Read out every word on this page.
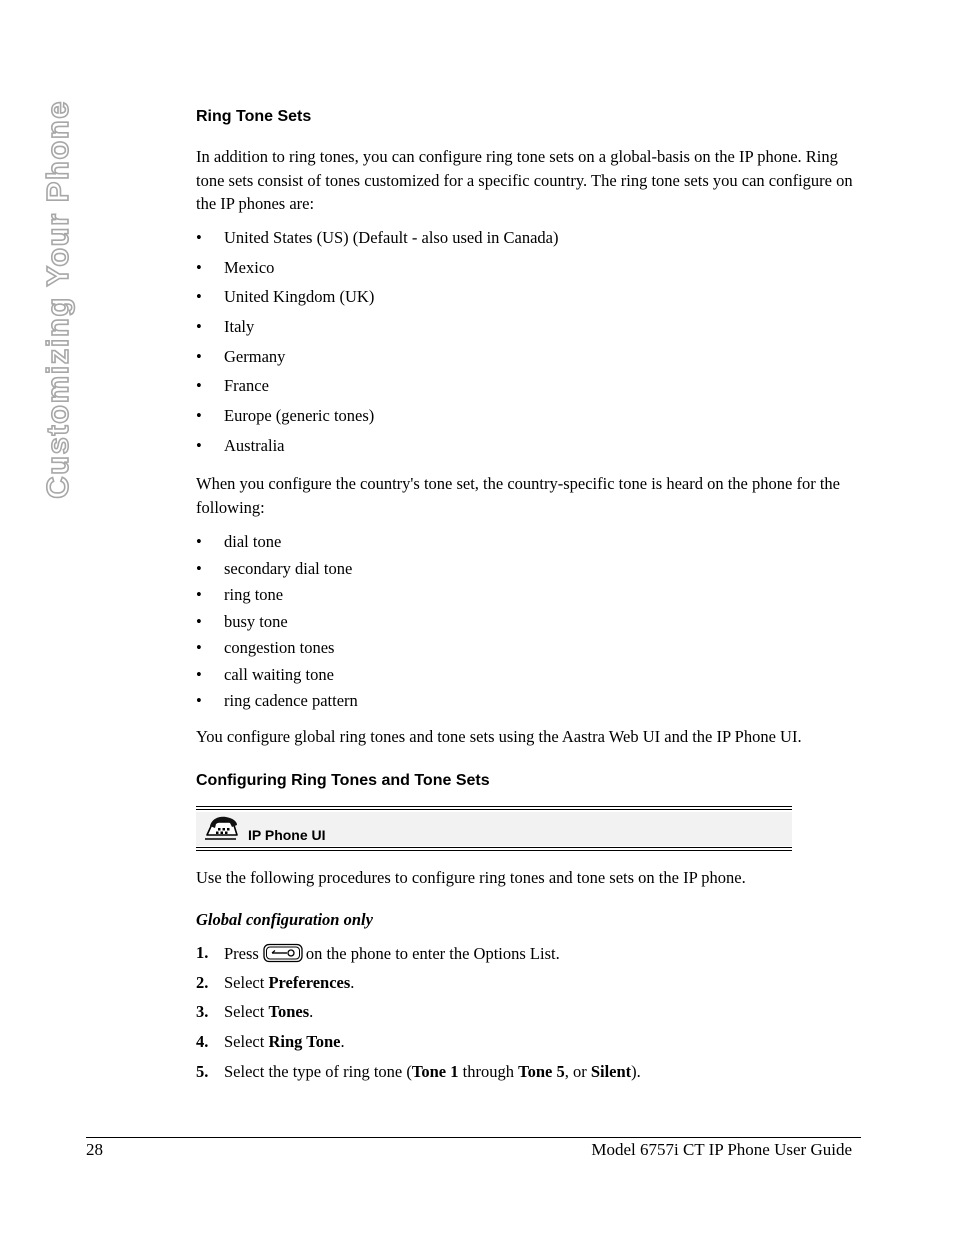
Customizing Your Phone	Ring Tone Sets
In addition to ring tones, you can configure ring tone sets on a global-basis on the IP phone. Ring tone sets consist of tones customized for a specific country. The ring tone sets you can configure on the IP phones are:
• United States (US) (Default - also used in Canada)
• Mexico
• United Kingdom (UK)
• Italy
• Germany
• France
• Europe (generic tones)
• Australia
When you configure the country's tone set, the country-specific tone is heard on the phone for the following:
• dial tone
• secondary dial tone
• ring tone
• busy tone
• congestion tones
• call waiting tone
• ring cadence pattern
You configure global ring tones and tone sets using the Aastra Web UI and the IP Phone UI.
Configuring Ring Tones and Tone Sets
IP Phone UI
Use the following procedures to configure ring tones and tone sets on the IP phone.
Global configuration only
1. Press	on the phone to enter the Options List.
2. Select Preferences.
3. Select Tones.
4. Select Ring Tone.
5. Select the type of ring tone (Tone 1 through Tone 5, or Silent).
28	Model 6757i CT IP Phone User Guide
